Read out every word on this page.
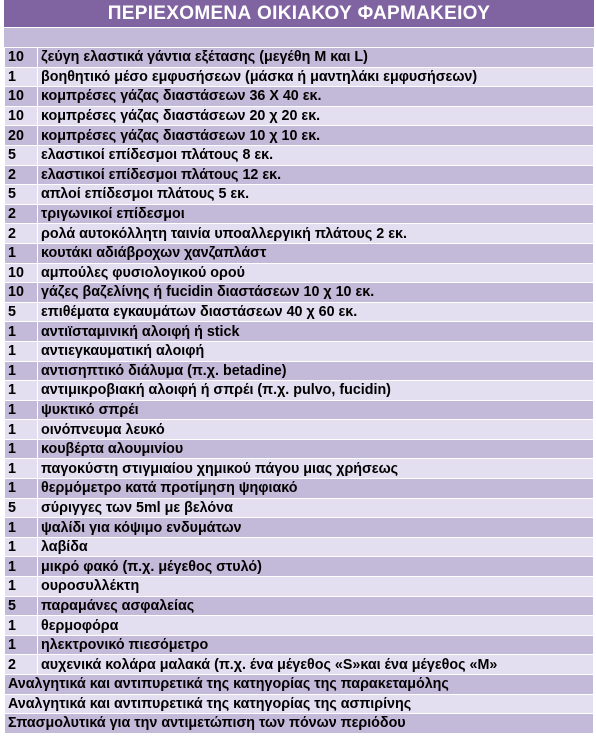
ΠΕΡΙΕΧΟΜΕΝΑ ΟΙΚΙΑΚΟΥ ΦΑΡΜΑΚΕΙΟΥ
10	ζεύγη ελαστικά γάντια εξέτασης (μεγέθη M και L)
1	βοηθητικό μέσο εμφυσήσεων (μάσκα ή μαντηλάκι εμφυσήσεων)
10	κομπρέσες γάζας διαστάσεων 36 Χ 40 εκ.
10	κομπρέσες γάζας διαστάσεων 20 χ 20 εκ.
20	κομπρέσες γάζας διαστάσεων 10 χ 10 εκ.
5	ελαστικοί επίδεσμοι πλάτους 8 εκ.
2	ελαστικοί επίδεσμοι πλάτους 12 εκ.
5	απλοί επίδεσμοι πλάτους 5 εκ.
2	τριγωνικοί επίδεσμοι
2	ρολά αυτοκόλλητη ταινία υποαλλεργική πλάτους 2 εκ.
1	κουτάκι αδιάβροχων χανζαπλάστ
10	αμπούλες φυσιολογικού ορού
10	γάζες βαζελίνης ή fucidin διαστάσεων 10 χ 10 εκ.
5	επιθέματα εγκαυμάτων διαστάσεων 40 χ 60 εκ.
1	αντιϊσταμινική αλοιφή ή stick
1	αντιεγκαυματική αλοιφή
1	αντισηπτικό διάλυμα (π.χ. betadine)
1	αντιμικροβιακή αλοιφή ή σπρέι (π.χ. pulvo, fucidin)
1	ψυκτικό σπρέι
1	οινόπνευμα λευκό
1	κουβέρτα αλουμινίου
1	παγοκύστη στιγμιαίου χημικού πάγου μιας χρήσεως
1	θερμόμετρο κατά προτίμηση ψηφιακό
5	σύριγγες των 5ml με βελόνα
1	ψαλίδι για κόψιμο ενδυμάτων
1	λαβίδα
1	μικρό φακό (π.χ. μέγεθος στυλό)
1	ουροσυλλέκτη
5	παραμάνες ασφαλείας
1	θερμοφόρα
1	ηλεκτρονικό πιεσόμετρο
2	αυχενικά κολάρα μαλακά (π.χ. ένα μέγεθος «S»και ένα μέγεθος «Μ»
Αναλγητικά και αντιπυρετικά της κατηγορίας της παρακεταμόλης	
Αναλγητικά και αντιπυρετικά της κατηγορίας της ασπιρίνης	
Σπασμολυτικά για την αντιμετώπιση των πόνων περιόδου	
